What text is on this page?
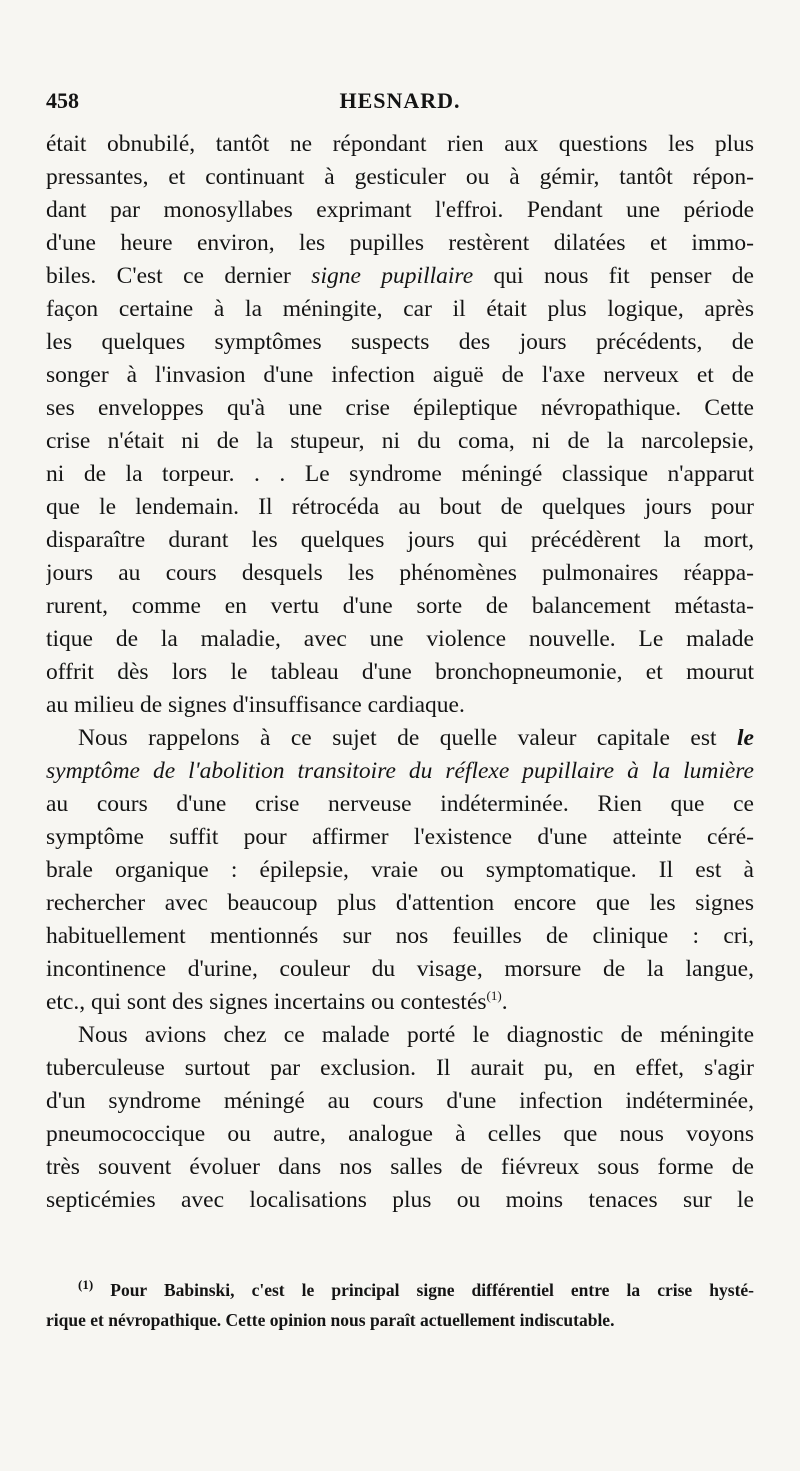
458	HESNARD.
était obnubilé, tantôt ne répondant rien aux questions les plus
pressantes, et continuant à gesticuler ou à gémir, tantôt répon-
dant par monosyllabes exprimant l'effroi. Pendant une période
d'une heure environ, les pupilles restèrent dilatées et immo-
biles. C'est ce dernier signe pupillaire qui nous fit penser de
façon certaine à la méningite, car il était plus logique, après
les quelques symptômes suspects des jours précédents, de
songer à l'invasion d'une infection aiguë de l'axe nerveux et de
ses enveloppes qu'à une crise épileptique névropathique. Cette
crise n'était ni de la stupeur, ni du coma, ni de la narcolepsie,
ni de la torpeur. . . Le syndrome méningé classique n'apparut
que le lendemain. Il rétrocéda au bout de quelques jours pour
disparaître durant les quelques jours qui précédèrent la mort,
jours au cours desquels les phénomènes pulmonaires réappa-
rurent, comme en vertu d'une sorte de balancement métasta-
tique de la maladie, avec une violence nouvelle. Le malade
offrit dès lors le tableau d'une bronchopneumonie, et mourut
au milieu de signes d'insuffisance cardiaque.
Nous rappelons à ce sujet de quelle valeur capitale est le
symptôme de l'abolition transitoire du réflexe pupillaire à la lumière
au cours d'une crise nerveuse indéterminée. Rien que ce
symptôme suffit pour affirmer l'existence d'une atteinte céré-
brale organique : épilepsie, vraie ou symptomatique. Il est à
rechercher avec beaucoup plus d'attention encore que les signes
habituellement mentionnés sur nos feuilles de clinique : cri,
incontinence d'urine, couleur du visage, morsure de la langue,
etc., qui sont des signes incertains ou contestés$^{(1)}$.
Nous avions chez ce malade porté le diagnostic de méningite
tuberculeuse surtout par exclusion. Il aurait pu, en effet, s'agir
d'un syndrome méningé au cours d'une infection indéterminée,
pneumococcique ou autre, analogue à celles que nous voyons
très souvent évoluer dans nos salles de fiévreux sous forme de
septicémies avec localisations plus ou moins tenaces sur le
$^{(1)}$ Pour Babinski, c'est le principal signe différentiel entre la crise hysté-
rique et névropathique. Cette opinion nous paraît actuellement indiscutable.
